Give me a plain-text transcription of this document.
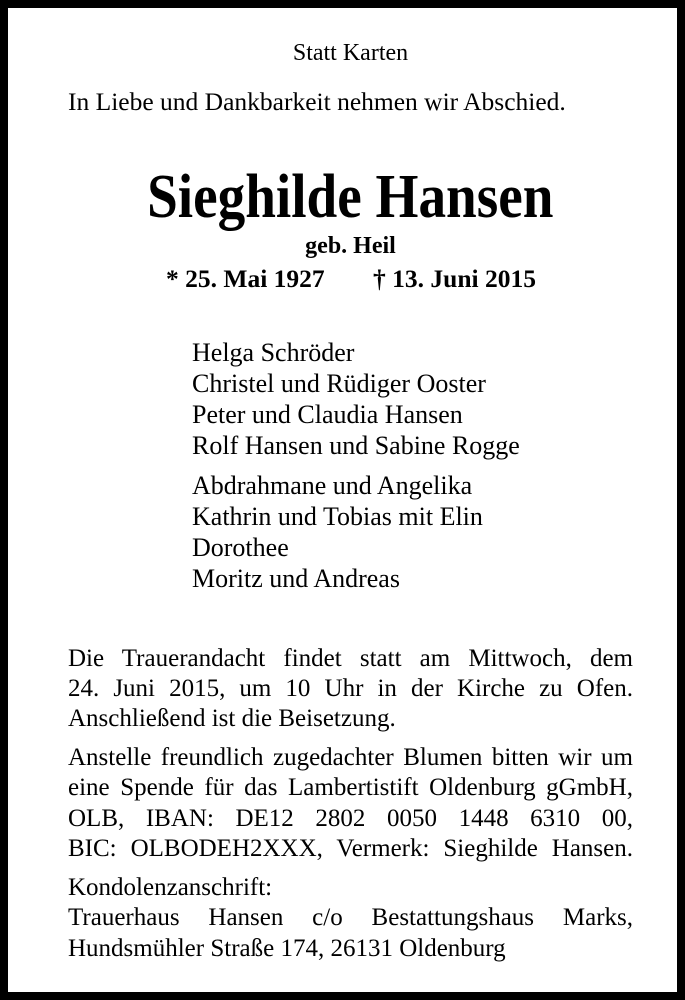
Statt Karten
In Liebe und Dankbarkeit nehmen wir Abschied.
Sieghilde Hansen
geb. Heil
* 25. Mai 1927 † 13. Juni 2015
Helga Schröder
Christel und Rüdiger Ooster
Peter und Claudia Hansen
Rolf Hansen und Sabine Rogge
Abdrahmane und Angelika
Kathrin und Tobias mit Elin
Dorothee
Moritz und Andreas
Die Trauerandacht findet statt am Mittwoch, dem
24. Juni 2015, um 10 Uhr in der Kirche zu Ofen.
Anschließend ist die Beisetzung.
Anstelle freundlich zugedachter Blumen bitten wir um
eine Spende für das Lambertistift Oldenburg gGmbH,
OLB, IBAN: DE12 2802 0050 1448 6310 00,
BIC: OLBODEH2XXX, Vermerk: Sieghilde Hansen.
Kondolenzanschrift:
Trauerhaus Hansen c/o Bestattungshaus Marks,
Hundsmühler Straße 174, 26131 Oldenburg
